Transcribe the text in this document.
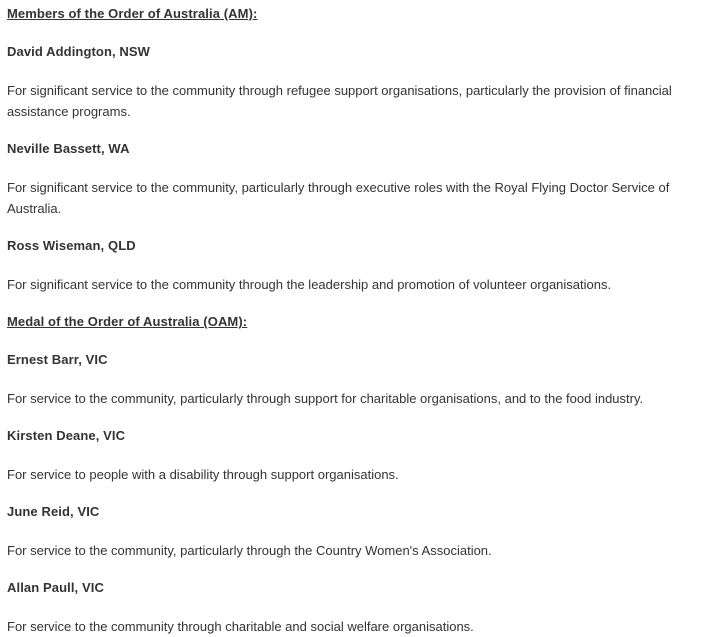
Members of the Order of Australia (AM):
David Addington, NSW
For significant service to the community through refugee support organisations, particularly the provision of financial assistance programs.
Neville Bassett, WA
For significant service to the community, particularly through executive roles with the Royal Flying Doctor Service of Australia.
Ross Wiseman, QLD
For significant service to the community through the leadership and promotion of volunteer organisations.
Medal of the Order of Australia (OAM):
Ernest Barr, VIC
For service to the community, particularly through support for charitable organisations, and to the food industry.
Kirsten Deane, VIC
For service to people with a disability through support organisations.
June Reid, VIC
For service to the community, particularly through the Country Women's Association.
Allan Paull, VIC
For service to the community through charitable and social welfare organisations.
